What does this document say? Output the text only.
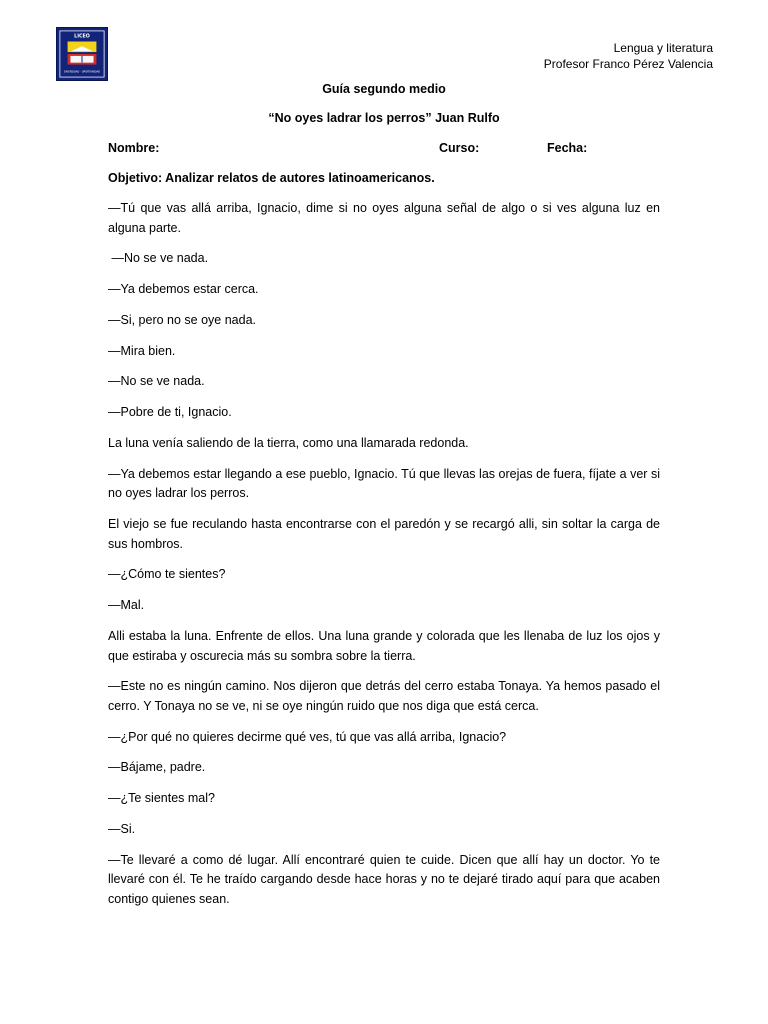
LICEO
DIVERSIDAD · OPORTUNIDAD
Lengua y literatura
Profesor Franco Pérez Valencia
Guía segundo medio
“No oyes ladrar los perros” Juan Rulfo
Nombre:	Curso:	Fecha:
Objetivo: Analizar relatos de autores latinoamericanos.

—Tú que vas allá arriba, Ignacio, dime si no oyes alguna señal de algo o si ves alguna luz en alguna parte.

—No se ve nada.

—Ya debemos estar cerca.

—Si, pero no se oye nada.

—Mira bien.

—No se ve nada.

—Pobre de ti, Ignacio.

La luna venía saliendo de la tierra, como una llamarada redonda.

—Ya debemos estar llegando a ese pueblo, Ignacio. Tú que llevas las orejas de fuera, fíjate a ver si no oyes ladrar los perros.

El viejo se fue reculando hasta encontrarse con el paredón y se recargó alli, sin soltar la carga de sus hombros.

—¿Cómo te sientes?

—Mal.

Alli estaba la luna. Enfrente de ellos. Una luna grande y colorada que les llenaba de luz los ojos y que estiraba y oscurecia más su sombra sobre la tierra.

—Este no es ningún camino. Nos dijeron que detrás del cerro estaba Tonaya. Ya hemos pasado el cerro. Y Tonaya no se ve, ni se oye ningún ruido que nos diga que está cerca.

—¿Por qué no quieres decirme qué ves, tú que vas allá arriba, Ignacio?

—Bájame, padre.

—¿Te sientes mal?

—Si.

—Te llevaré a como dé lugar. Allí encontraré quien te cuide. Dicen que allí hay un doctor. Yo te llevaré con él. Te he traído cargando desde hace horas y no te dejaré tirado aquí para que acaben contigo quienes sean.
